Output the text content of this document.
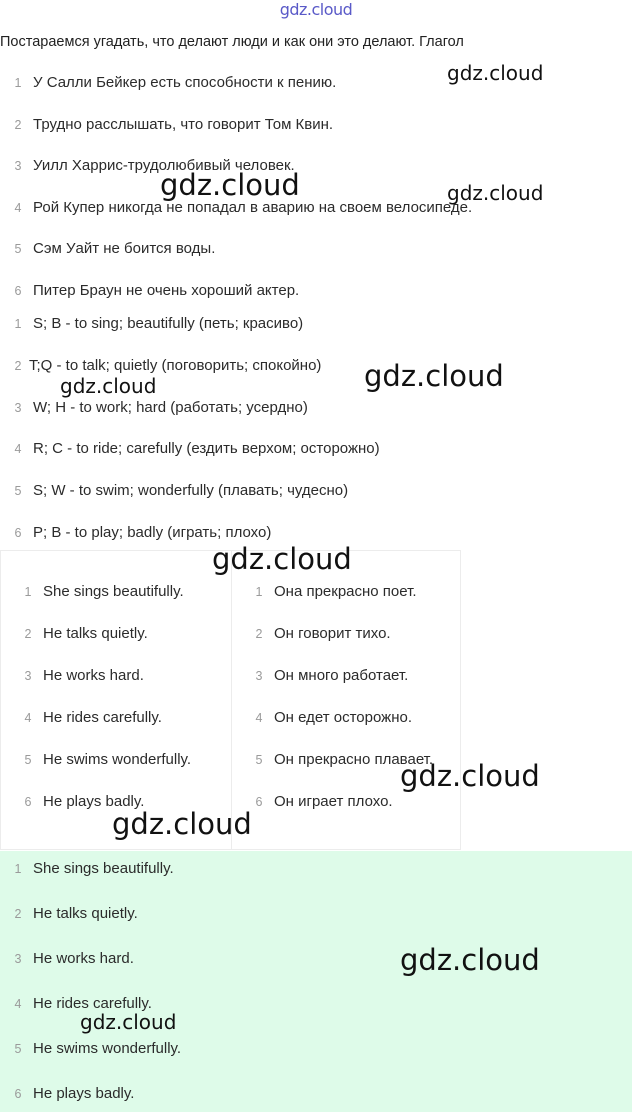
gdz.cloud
Постараемся угадать, что делают люди и как они это делают. Глагол
1 У Салли Бейкер есть способности к пению.
2 Трудно расслышать, что говорит Том Квин.
3 Уилл Харрис-трудолюбивый человек.
4 Рой Купер никогда не попадал в аварию на своем велосипеде.
5 Сэм Уайт не боится воды.
6 Питер Браун не очень хороший актер.
1 S; B - to sing; beautifully (петь; красиво)
2 T;Q - to talk; quietly (поговорить; спокойно)
3 W; H - to work; hard (работать; усердно)
4 R; C - to ride; carefully (ездить верхом; осторожно)
5 S; W - to swim; wonderfully (плавать; чудесно)
6 P; B - to play; badly (играть; плохо)
1 She sings beautifully.
2 He talks quietly.
3 He works hard.
4 He rides carefully.
5 He swims wonderfully.
6 He plays badly.
1 Она прекрасно поет.
2 Он говорит тихо.
3 Он много работает.
4 Он едет осторожно.
5 Он прекрасно плавает.
6 Он играет плохо.
1 She sings beautifully.
2 He talks quietly.
3 He works hard.
4 He rides carefully.
5 He swims wonderfully.
6 He plays badly.
gdz.cloud
gdz.cloud	gdz.cloud
gdz.cloud
gdz.cloud
gdz.cloud
gdz.cloud
gdz.cloud
gdz.cloud
gdz.cloud
